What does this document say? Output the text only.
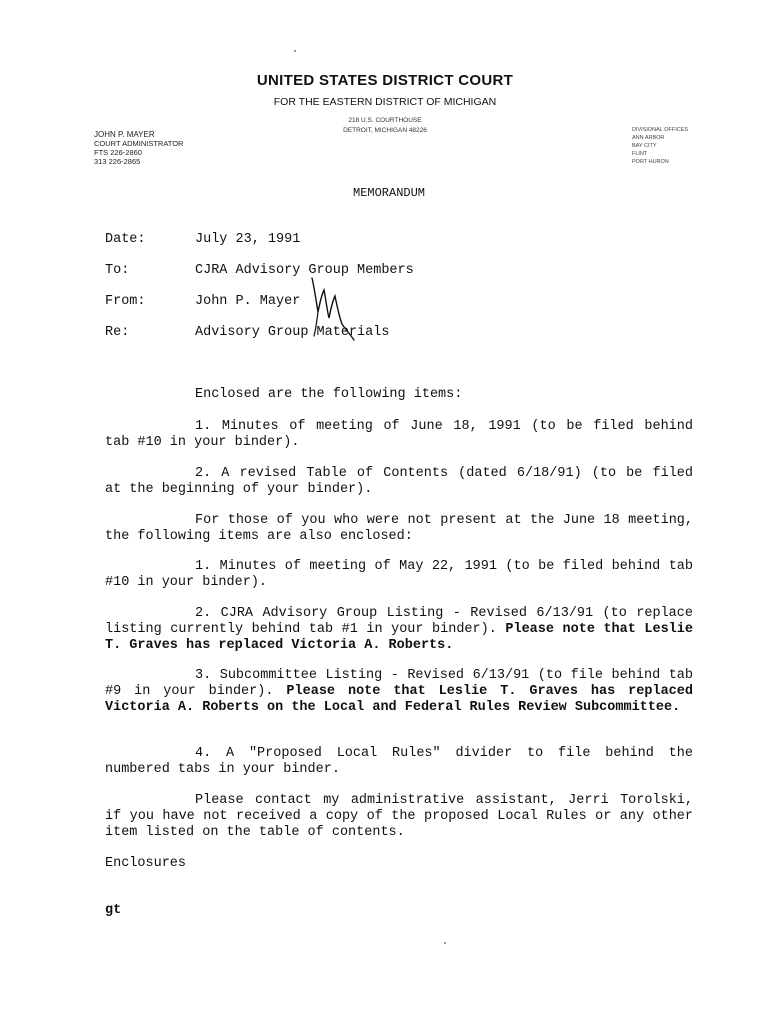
UNITED STATES DISTRICT COURT
FOR THE EASTERN DISTRICT OF MICHIGAN
218 U.S. COURTHOUSE
DETROIT, MICHIGAN 48226
JOHN P. MAYER
COURT ADMINISTRATOR
FTS 226-2860
313 226-2865
DIVISIONAL OFFICES
ANN ARBOR
BAY CITY
FLINT
PORT HURON
MEMORANDUM
Date:	July 23, 1991
To:	CJRA Advisory Group Members
From:	John P. Mayer
Re:	Advisory Group Materials
Enclosed are the following items:
1. Minutes of meeting of June 18, 1991 (to be filed behind tab #10 in your binder).
2. A revised Table of Contents (dated 6/18/91) (to be filed at the beginning of your binder).
For those of you who were not present at the June 18 meeting, the following items are also enclosed:
1. Minutes of meeting of May 22, 1991 (to be filed behind tab #10 in your binder).
2. CJRA Advisory Group Listing - Revised 6/13/91 (to replace listing currently behind tab #1 in your binder). Please note that Leslie T. Graves has replaced Victoria A. Roberts.
3. Subcommittee Listing - Revised 6/13/91 (to file behind tab #9 in your binder). Please note that Leslie T. Graves has replaced Victoria A. Roberts on the Local and Federal Rules Review Subcommittee.
4. A "Proposed Local Rules" divider to file behind the numbered tabs in your binder.
Please contact my administrative assistant, Jerri Torolski, if you have not received a copy of the proposed Local Rules or any other item listed on the table of contents.
Enclosures
gt
